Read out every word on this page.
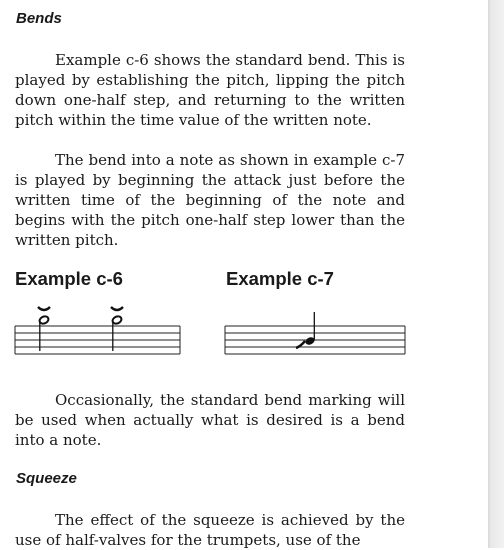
Bends

Example c-6 shows the standard bend. This is played by establishing the pitch, lipping the pitch down one-half step, and returning to the written pitch within the time value of the written note.

The bend into a note as shown in example c-7 is played by beginning the attack just before the written time of the beginning of the note and begins with the pitch one-half step lower than the written pitch.

Example c-6	Example c-7

Occasionally, the standard bend marking will be used when actually what is desired is a bend into a note.

Squeeze

The effect of the squeeze is achieved by the use of half-valves for the trumpets, use of the
